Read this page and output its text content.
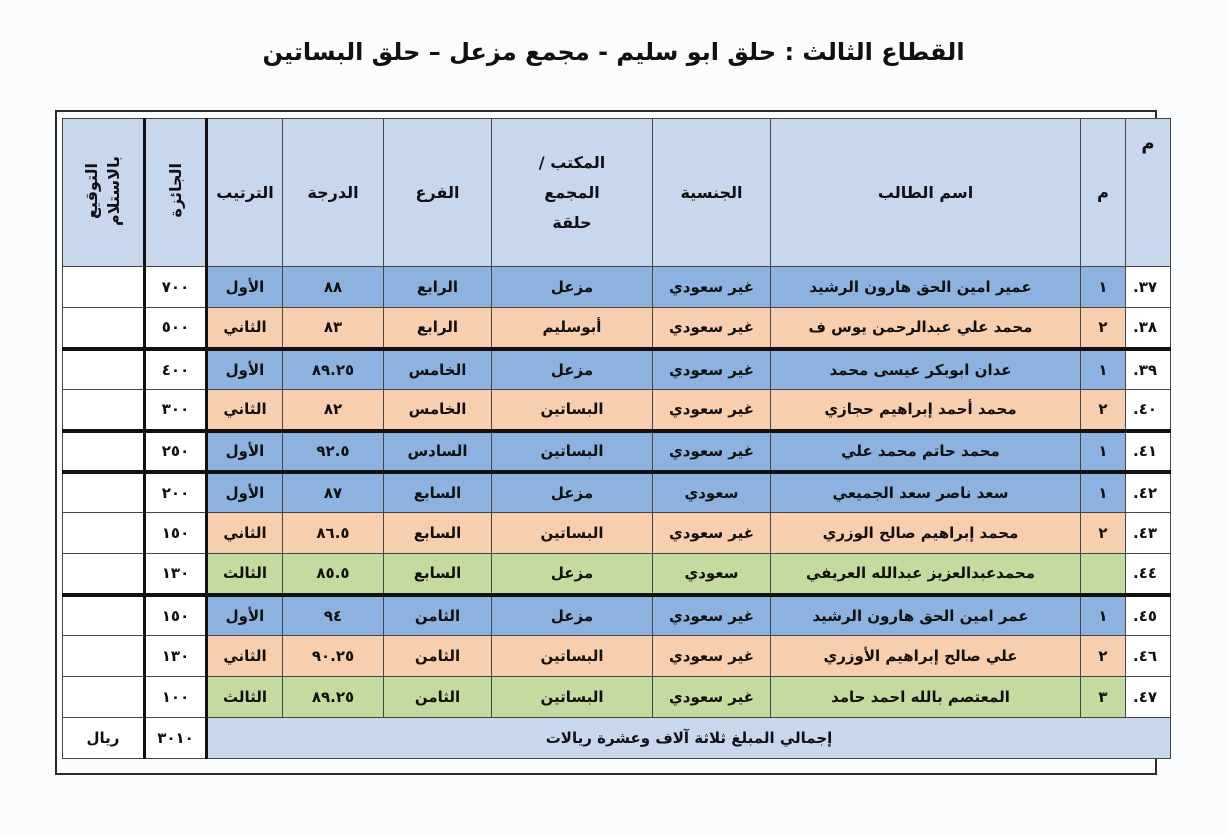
القطاع الثالث : حلق ابو سليم - مجمع مزعل – حلق البساتين
م	م	اسم الطالب	الجنسية	المكتب / المجمع حلقة	الفرع	الدرجة	الترتيب	الجائزة	التوقيع بالاستلام
٣٧.	١	عمير امين الحق هارون الرشيد	غير سعودي	مزعل	الرابع	٨٨	الأول	٧٠٠	
٣٨.	٢	محمد علي عبدالرحمن يوس ف	غير سعودي	أبوسليم	الرابع	٨٣	الثاني	٥٠٠	
٣٩.	١	عدان ابوبكر عيسى محمد	غير سعودي	مزعل	الخامس	٨٩.٢٥	الأول	٤٠٠	
٤٠.	٢	محمد أحمد إبراهيم حجازي	غير سعودي	البساتين	الخامس	٨٢	الثاني	٣٠٠	
٤١.	١	محمد حاتم محمد علي	غير سعودي	البساتين	السادس	٩٢.٥	الأول	٢٥٠	
٤٢.	١	سعد ناصر سعد الجميعي	سعودي	مزعل	السابع	٨٧	الأول	٢٠٠	
٤٣.	٢	محمد إبراهيم صالح الوزري	غير سعودي	البساتين	السابع	٨٦.٥	الثاني	١٥٠	
٤٤.		محمدعبدالعزيز عبدالله العريفي	سعودي	مزعل	السابع	٨٥.٥	الثالث	١٣٠	
٤٥.	١	عمر امين الحق هارون الرشيد	غير سعودي	مزعل	الثامن	٩٤	الأول	١٥٠	
٤٦.	٢	علي صالح إبراهيم الأوزري	غير سعودي	البساتين	الثامن	٩٠.٢٥	الثاني	١٣٠	
٤٧.	٣	المعتصم بالله احمد حامد	غير سعودي	البساتين	الثامن	٨٩.٢٥	الثالث	١٠٠	
إجمالي المبلغ ثلاثة آلاف وعشرة ريالات								٣٠١٠	ريال
